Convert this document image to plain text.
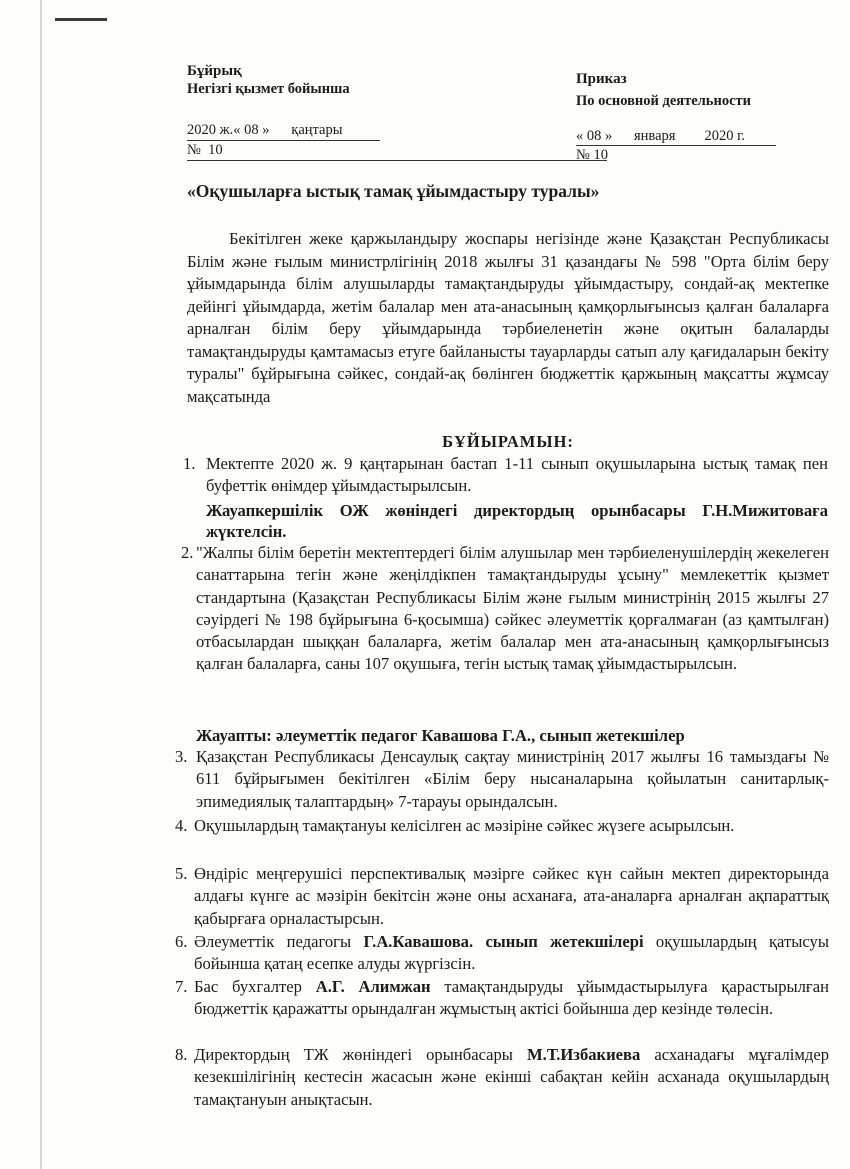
Бұйрық
Негізгі қызмет бойынша
Приказ
По основной деятельности
2020 ж.« 08 »      қаңтары
№  10
« 08 »      января        2020 г.
№ 10
«Оқушыларға ыстық тамақ ұйымдастыру туралы»

Бекітілген жеке қаржыландыру жоспары негізінде және Қазақстан Республикасы Білім және ғылым министрлігінің 2018 жылғы 31 қазандағы № 598 "Орта білім беру ұйымдарында білім алушыларды тамақтандыруды ұйымдастыру, сондай-ақ мектепке дейінгі ұйымдарда, жетім балалар мен ата-анасының қамқорлығынсыз қалған балаларға арналған білім беру ұйымдарында тәрбиеленетін және оқитын балаларды тамақтандыруды қамтамасыз етуге байланысты тауарларды сатып алу қағидаларын бекіту туралы" бұйрығына сәйкес, сондай-ақ бөлінген бюджеттік қаржының мақсатты жұмсау мақсатында

БҰЙЫРАМЫН:
1. Мектепте 2020 ж. 9 қаңтарынан бастап 1-11 сынып оқушыларына ыстық тамақ пен буфеттік өнімдер ұйымдастырылсын.
Жауапкершілік ОЖ жөніндегі директордың орынбасары Г.Н.Мижитоваға жүктелсін.
2. "Жалпы білім беретін мектептердегі білім алушылар мен тәрбиеленушілердің жекелеген санаттарына тегін және жеңілдікпен тамақтандыруды ұсыну" мемлекеттік қызмет стандартына (Қазақстан Республикасы Білім және ғылым министрінің 2015 жылғы 27 сәуірдегі № 198 бұйрығына 6-қосымша) сәйкес әлеуметтік қорғалмаған (аз қамтылған) отбасылардан шыққан балаларға, жетім балалар мен ата-анасының қамқорлығынсыз қалған балаларға, саны 107 оқушыға, тегін ыстық тамақ ұйымдастырылсын.
Жауапты: әлеуметтік педагог Кавашова Г.А., сынып жетекшілер
3. Қазақстан Республикасы Денсаулық сақтау министрінің 2017 жылғы 16 тамыздағы № 611 бұйрығымен бекітілген «Білім беру нысаналарына қойылатын санитарлық-эпимедиялық талаптардың» 7-тарауы орындалсын.
4. Оқушылардың тамақтануы келісілген ас мәзіріне сәйкес жүзеге асырылсын.
5. Өндіріс меңгерушісі перспективалық мәзірге сәйкес күн сайын мектеп директорында алдағы күнге ас мәзірін бекітсін және оны асханаға, ата-аналарға арналған ақпараттық қабырғаға орналастырсын.
6. Әлеуметтік педагогы Г.А.Кавашова. сынып жетекшілері оқушылардың қатысуы бойынша қатаң есепке алуды жүргізсін.
7. Бас бухгалтер А.Г. Алимжан тамақтандыруды ұйымдастырылуға қарастырылған бюджеттік қаражатты орындалған жұмыстың актісі бойынша дер кезінде төлесін.
8. Директордың ТЖ жөніндегі орынбасары М.Т.Избакиева асханадағы мұғалімдер кезекшілігінің кестесін жасасын және екінші сабақтан кейін асханада оқушылардың тамақтануын анықтасын.
